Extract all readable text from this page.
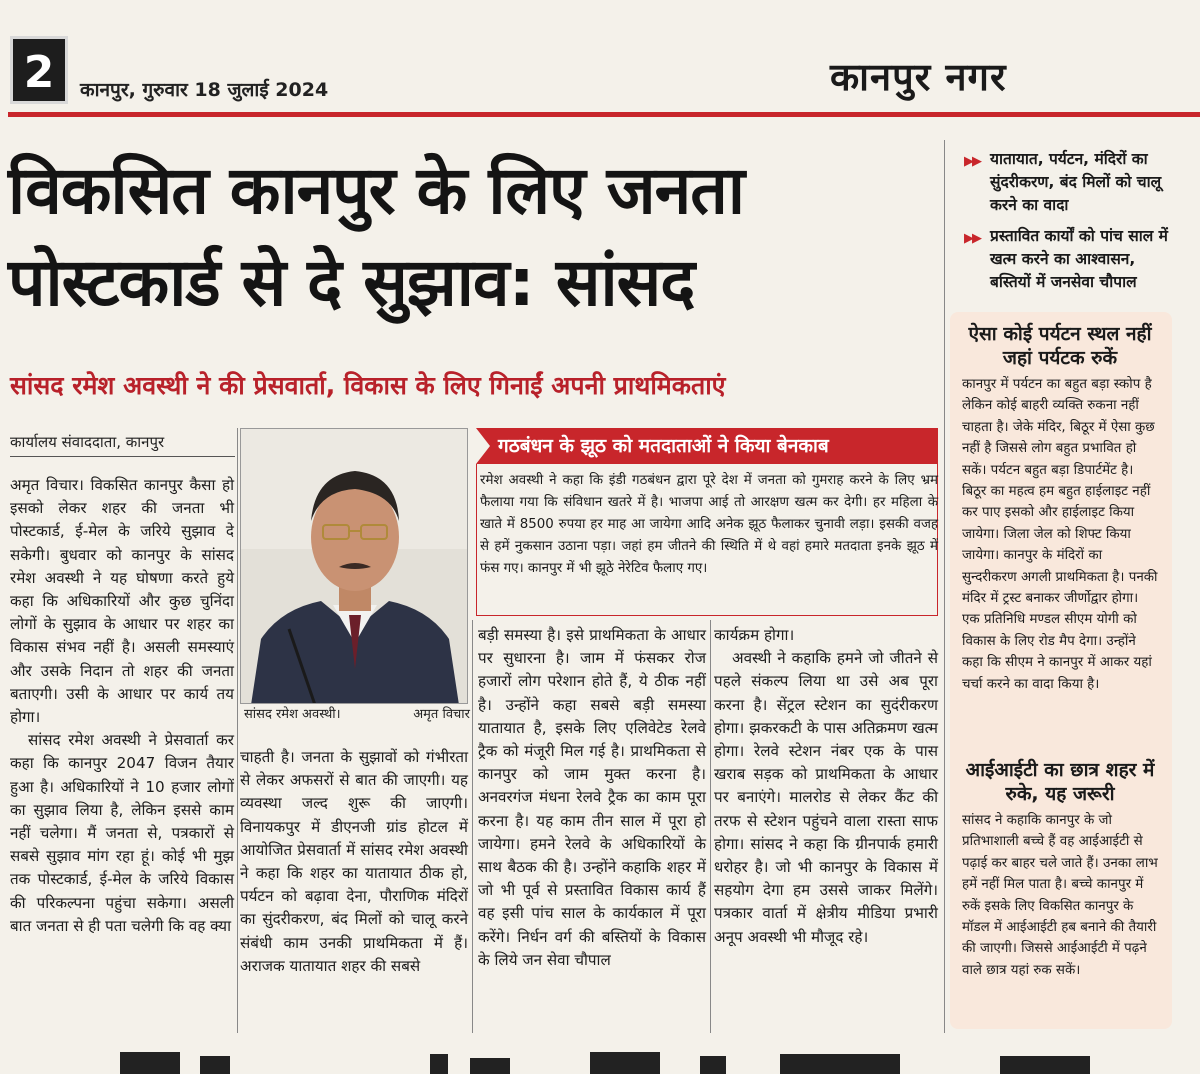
2	कानपुर, गुरुवार 18 जुलाई 2024	कानपुर नगर
विकसित कानपुर के लिए जनता
पोस्टकार्ड से दे सुझाव: सांसद
सांसद रमेश अवस्थी ने की प्रेसवार्ता, विकास के लिए गिनाईं अपनी प्राथमिकताएं
कार्यालय संवाददाता, कानपुर

अमृत विचार। विकसित कानपुर कैसा हो इसको लेकर शहर की जनता भी पोस्टकार्ड, ई-मेल के जरिये सुझाव दे सकेगी। बुधवार को कानपुर के सांसद रमेश अवस्थी ने यह घोषणा करते हुये कहा कि अधिकारियों और कुछ चुनिंदा लोगों के सुझाव के आधार पर शहर का विकास संभव नहीं है। असली समस्याएं और उसके निदान तो शहर की जनता बताएगी। उसी के आधार पर कार्य तय होगा।

सांसद रमेश अवस्थी ने प्रेसवार्ता कर कहा कि कानपुर 2047 विजन तैयार हुआ है। अधिकारियों ने 10 हजार लोगों का सुझाव लिया है, लेकिन इससे काम नहीं चलेगा। मैं जनता से, पत्रकारों से सबसे सुझाव मांग रहा हूं। कोई भी मुझ तक पोस्टकार्ड, ई-मेल के जरिये विकास की परिकल्पना पहुंचा सकेगा। असली बात जनता से ही पता चलेगी कि वह क्या

सांसद रमेश अवस्थी।	अमृत विचार

चाहती है। जनता के सुझावों को गंभीरता से लेकर अफसरों से बात की जाएगी। यह व्यवस्था जल्द शुरू की जाएगी। विनायकपुर में डीएनजी ग्रांड होटल में आयोजित प्रेसवार्ता में सांसद रमेश अवस्थी ने कहा कि शहर का यातायात ठीक हो, पर्यटन को बढ़ावा देना, पौराणिक मंदिरों का सुंदरीकरण, बंद मिलों को चालू करने संबंधी काम उनकी प्राथमिकता में हैं। अराजक यातायात शहर की सबसे

गठबंधन के झूठ को मतदाताओं ने किया बेनकाब
रमेश अवस्थी ने कहा कि इंडी गठबंधन द्वारा पूरे देश में जनता को गुमराह करने के लिए भ्रम फैलाया गया कि संविधान खतरे में है। भाजपा आई तो आरक्षण खत्म कर देगी। हर महिला के खाते में 8500 रुपया हर माह आ जायेगा आदि अनेक झूठ फैलाकर चुनावी लड़ा। इसकी वजह से हमें नुकसान उठाना पड़ा। जहां हम जीतने की स्थिति में थे वहां हमारे मतदाता इनके झूठ में फंस गए। कानपुर में भी झूठे नेरेटिव फैलाए गए।

बड़ी समस्या है। इसे प्राथमिकता के आधार पर सुधारना है। जाम में फंसकर रोज हजारों लोग परेशान होते हैं, ये ठीक नहीं है। उन्होंने कहा सबसे बड़ी समस्या यातायात है, इसके लिए एलिवेटेड रेलवे ट्रैक को मंजूरी मिल गई है। प्राथमिकता से कानपुर को जाम मुक्त करना है। अनवरगंज मंधना रेलवे ट्रैक का काम पूरा करना है। यह काम तीन साल में पूरा हो जायेगा। हमने रेलवे के अधिकारियों के साथ बैठक की है। उन्होंने कहाकि शहर में जो भी पूर्व से प्रस्तावित विकास कार्य हैं वह इसी पांच साल के कार्यकाल में पूरा करेंगे। निर्धन वर्ग की बस्तियों के विकास के लिये जन सेवा चौपाल

कार्यक्रम होगा।

अवस्थी ने कहाकि हमने जो जीतने से पहले संकल्प लिया था उसे अब पूरा करना है। सेंट्रल स्टेशन का सुदंरीकरण होगा। झकरकटी के पास अतिक्रमण खत्म होगा। रेलवे स्टेशन नंबर एक के पास खराब सड़क को प्राथमिकता के आधार पर बनाएंगे। मालरोड से लेकर कैंट की तरफ से स्टेशन पहुंचने वाला रास्ता साफ होगा। सांसद ने कहा कि ग्रीनपार्क हमारी धरोहर है। जो भी कानपुर के विकास में सहयोग देगा हम उससे जाकर मिलेंगे। पत्रकार वार्ता में क्षेत्रीय मीडिया प्रभारी अनूप अवस्थी भी मौजूद रहे।

▶▶ यातायात, पर्यटन, मंदिरों का सुंदरीकरण, बंद मिलों को चालू करने का वादा
▶▶ प्रस्तावित कार्यों को पांच साल में खत्म करने का आश्वासन, बस्तियों में जनसेवा चौपाल
ऐसा कोई पर्यटन स्थल नहीं जहां पर्यटक रुकें
कानपुर में पर्यटन का बहुत बड़ा स्कोप है लेकिन कोई बाहरी व्यक्ति रुकना नहीं चाहता है। जेके मंदिर, बिठूर में ऐसा कुछ नहीं है जिससे लोग बहुत प्रभावित हो सकें। पर्यटन बहुत बड़ा डिपार्टमेंट है। बिठूर का महत्व हम बहुत हाईलाइट नहीं कर पाए इसको और हाईलाइट किया जायेगा। जिला जेल को शिफ्ट किया जायेगा। कानपुर के मंदिरों का सुन्दरीकरण अगली प्राथमिकता है। पनकी मंदिर में ट्रस्ट बनाकर जीर्णोद्वार होगा। एक प्रतिनिधि मण्डल सीएम योगी को विकास के लिए रोड मैप देगा। उन्होंने कहा कि सीएम ने कानपुर में आकर यहां चर्चा करने का वादा किया है।
आईआईटी का छात्र शहर में रुके, यह जरूरी
सांसद ने कहाकि कानपुर के जो प्रतिभाशाली बच्चे हैं वह आईआईटी से पढ़ाई कर बाहर चले जाते हैं। उनका लाभ हमें नहीं मिल पाता है। बच्चे कानपुर में रुकें इसके लिए विकसित कानपुर के मॉडल में आईआईटी हब बनाने की तैयारी की जाएगी। जिससे आईआईटी में पढ़ने वाले छात्र यहां रुक सकें।
